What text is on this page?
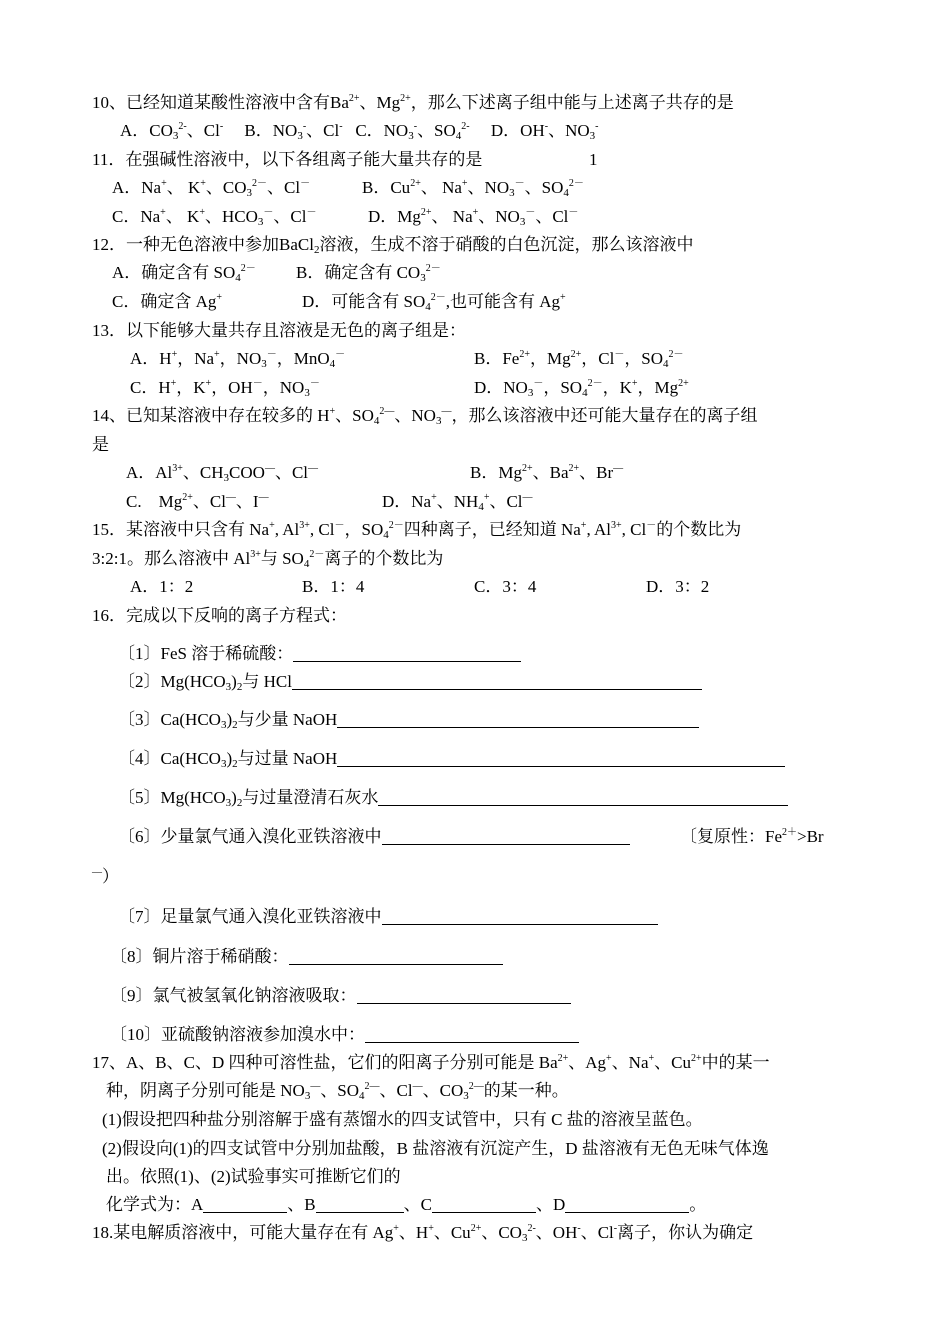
10、已经知道某酸性溶液中含有$Ba^{2+}$、$Mg^{2+}$，那么下述离子组中能与上述离子共存的是
A．$CO_3^{2-}$、Cl- B．$NO_3^-$、Cl- C．$NO_3^-$、$SO_4^{2-}$ D．OH-、$NO_3^-$
11．在强碱性溶液中，以下各组离子能大量共存的是	1
A．Na+、 K+、$CO_3^{2-}$、Cl－	B．$Cu^{2+}$、 Na+、$NO_3^-$、$SO_4^{2-}$
C．Na+、 K+、$HCO_3^-$、Cl－	D．$Mg^{2+}$、 Na+、$NO_3^-$、Cl－
12．一种无色溶液中参加BaCl$_2$溶液，生成不溶于硝酸的白色沉淀，那么该溶液中
A．确定含有 $SO_4^{2-}$ B．确定含有 $CO_3^{2-}$
C．确定含 Ag+	D．可能含有 $SO_4^{2-}$,也可能含有 Ag+
13．以下能够大量共存且溶液是无色的离子组是：
A．H+，Na+，$NO_3^-$，MnO$_4$－	B．$Fe^{2+}$，$Mg^{2+}$，Cl－，$SO_4^{2-}$
C．H+，K+，OH－，$NO_3^-$	D．$NO_3^-$，$SO_4^{2-}$，K+，$Mg^{2+}$
14、已知某溶液中存在较多的 H+、$SO_4^{2—}$、$NO_3^—$，那么该溶液中还可能大量存在的离子组
是
A．$Al^{3+}$、$CH_3COO^—$、Cl—	B．$Mg^{2+}$、$Ba^{2+}$、Br—
C.　$Mg^{2+}$、Cl—、I—	D．Na+、$NH_4^+$、Cl—
15．某溶液中只含有 Na+, $Al^{3+}$, Cl－，$SO_4^{2-}$四种离子，已经知道 Na+, $Al^{3+}$, Cl－的个数比为
3:2:1。那么溶液中 $Al^{3+}$与 $SO_4^{2-}$离子的个数比为
A．1：2	B．1：4	C．3：4	D．3：2
16．完成以下反响的离子方程式：
〔1〕FeS 溶于稀硫酸：
〔2〕$Mg(HCO_3)_2$与 HCl
〔3〕$Ca(HCO_3)_2$与少量 NaOH
〔4〕$Ca(HCO_3)_2$与过量 NaOH
〔5〕$Mg(HCO_3)_2$与过量澄清石灰水
〔6〕少量氯气通入溴化亚铁溶液中	〔复原性：$Fe^{2+}>Br$
—）
〔7〕足量氯气通入溴化亚铁溶液中
〔8〕铜片溶于稀硝酸：
〔9〕氯气被氢氧化钠溶液吸取：
〔10〕亚硫酸钠溶液参加溴水中：
17、A、B、C、D 四种可溶性盐，它们的阳离子分别可能是 $Ba^{2+}$、Ag+、Na+、$Cu^{2+}$中的某一
种，阴离子分别可能是 $NO_3^—$、$SO_4^{2—}$、Cl—、$CO_3^{2—}$的某一种。
(1)假设把四种盐分别溶解于盛有蒸馏水的四支试管中，只有 C 盐的溶液呈蓝色。
(2)假设向(1)的四支试管中分别加盐酸，B 盐溶液有沉淀产生，D 盐溶液有无色无味气体逸
出。依照(1)、(2)试验事实可推断它们的
化学式为：A	、B	、C	、D	。
18.某电解质溶液中，可能大量存在有 Ag+、H+、$Cu^{2+}$、$CO_3^{2-}$、OH-、Cl-离子，你认为确定
